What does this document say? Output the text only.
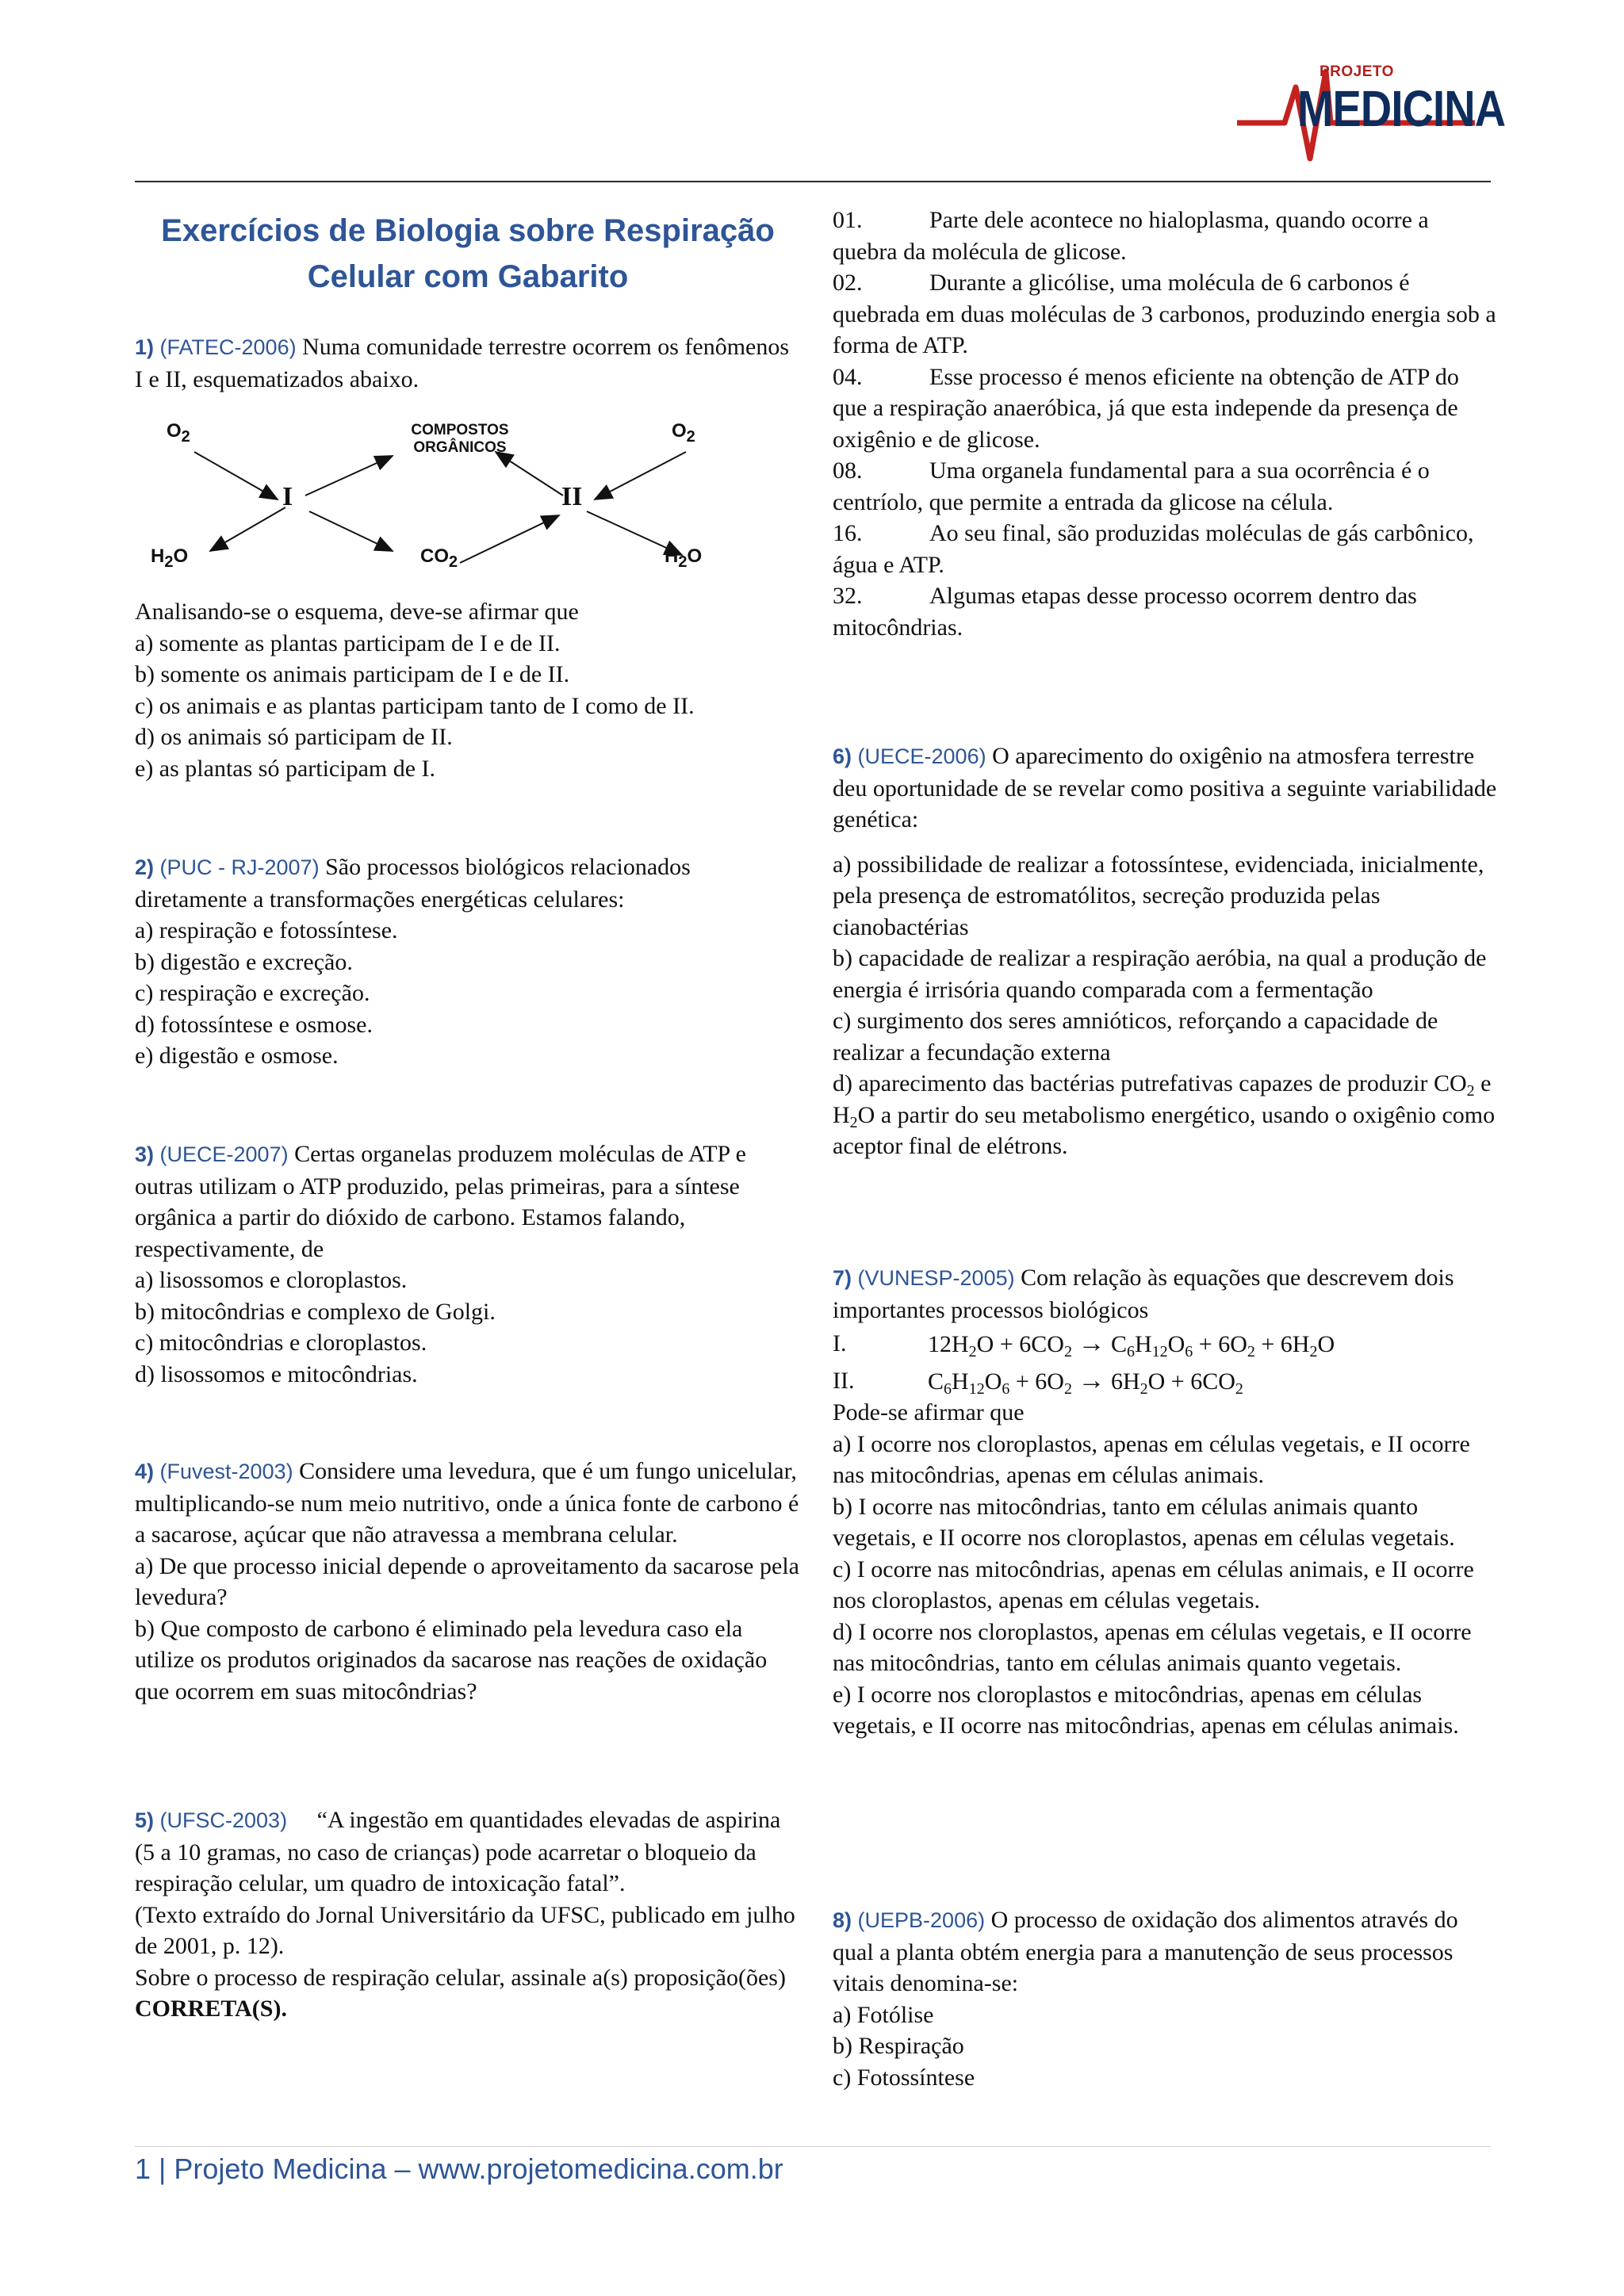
PROJETO
MEDICINA
Exercícios de Biologia sobre Respiração Celular com Gabarito

1) (FATEC-2006) Numa comunidade terrestre ocorrem os fenômenos I e II, esquematizados abaixo.

$O_2$	$O_2$
$H_2O$	$H_2O$
$CO_2$
COMPOSTOS
ORGÂNICOS
I	II

Analisando-se o esquema, deve-se afirmar que

a) somente as plantas participam de I e de II.

b) somente os animais participam de I e de II.

c) os animais e as plantas participam tanto de I como de II.

d) os animais só participam de II.

e) as plantas só participam de I.

2) (PUC - RJ-2007) São processos biológicos relacionados diretamente a transformações energéticas celulares:

a) respiração e fotossíntese.

b) digestão e excreção.

c) respiração e excreção.

d) fotossíntese e osmose.

e) digestão e osmose.

3) (UECE-2007) Certas organelas produzem moléculas de ATP e outras utilizam o ATP produzido, pelas primeiras, para a síntese orgânica a partir do dióxido de carbono. Estamos falando, respectivamente, de

a) lisossomos e cloroplastos.

b) mitocôndrias e complexo de Golgi.

c) mitocôndrias e cloroplastos.

d) lisossomos e mitocôndrias.

4) (Fuvest-2003) Considere uma levedura, que é um fungo unicelular, multiplicando-se num meio nutritivo, onde a única fonte de carbono é a sacarose, açúcar que não atravessa a membrana celular.

a) De que processo inicial depende o aproveitamento da sacarose pela levedura?

b) Que composto de carbono é eliminado pela levedura caso ela utilize os produtos originados da sacarose nas reações de oxidação que ocorrem em suas mitocôndrias?

5) (UFSC-2003) “A ingestão em quantidades elevadas de aspirina (5 a 10 gramas, no caso de crianças) pode acarretar o bloqueio da respiração celular, um quadro de intoxicação fatal”.

(Texto extraído do Jornal Universitário da UFSC, publicado em julho de 2001, p. 12).

Sobre o processo de respiração celular, assinale a(s) proposição(ões) CORRETA(S).

01.	Parte dele acontece no hialoplasma, quando ocorre a quebra da molécula de glicose.

02.	Durante a glicólise, uma molécula de 6 carbonos é quebrada em duas moléculas de 3 carbonos, produzindo energia sob a forma de ATP.

04.	Esse processo é menos eficiente na obtenção de ATP do que a respiração anaeróbica, já que esta independe da presença de oxigênio e de glicose.

08.	Uma organela fundamental para a sua ocorrência é o centríolo, que permite a entrada da glicose na célula.

16.	Ao seu final, são produzidas moléculas de gás carbônico, água e ATP.

32.	Algumas etapas desse processo ocorrem dentro das mitocôndrias.

6) (UECE-2006) O aparecimento do oxigênio na atmosfera terrestre deu oportunidade de se revelar como positiva a seguinte variabilidade genética:

a) possibilidade de realizar a fotossíntese, evidenciada, inicialmente, pela presença de estromatólitos, secreção produzida pelas cianobactérias

b) capacidade de realizar a respiração aeróbia, na qual a produção de energia é irrisória quando comparada com a fermentação

c) surgimento dos seres amnióticos, reforçando a capacidade de realizar a fecundação externa

d) aparecimento das bactérias putrefativas capazes de produzir $CO_2$ e $H_2O$ a partir do seu metabolismo energético, usando o oxigênio como aceptor final de elétrons.

7) (VUNESP-2005) Com relação às equações que descrevem dois importantes processos biológicos

I.	$12H_2O + 6CO_2 \to C_6H_{12}O_6 + 6O_2 + 6H_2O$
II.	$C_6H_{12}O_6 + 6O_2 \to 6H_2O + 6CO_2$

Pode-se afirmar que

a) I ocorre nos cloroplastos, apenas em células vegetais, e II ocorre nas mitocôndrias, apenas em células animais.

b) I ocorre nas mitocôndrias, tanto em células animais quanto vegetais, e II ocorre nos cloroplastos, apenas em células vegetais.

c) I ocorre nas mitocôndrias, apenas em células animais, e II ocorre nos cloroplastos, apenas em células vegetais.

d) I ocorre nos cloroplastos, apenas em células vegetais, e II ocorre nas mitocôndrias, tanto em células animais quanto vegetais.

e) I ocorre nos cloroplastos e mitocôndrias, apenas em células vegetais, e II ocorre nas mitocôndrias, apenas em células animais.

8) (UEPB-2006) O processo de oxidação dos alimentos através do qual a planta obtém energia para a manutenção de seus processos vitais denomina-se:

a) Fotólise

b) Respiração

c) Fotossíntese

1 | Projeto Medicina – www.projetomedicina.com.br
